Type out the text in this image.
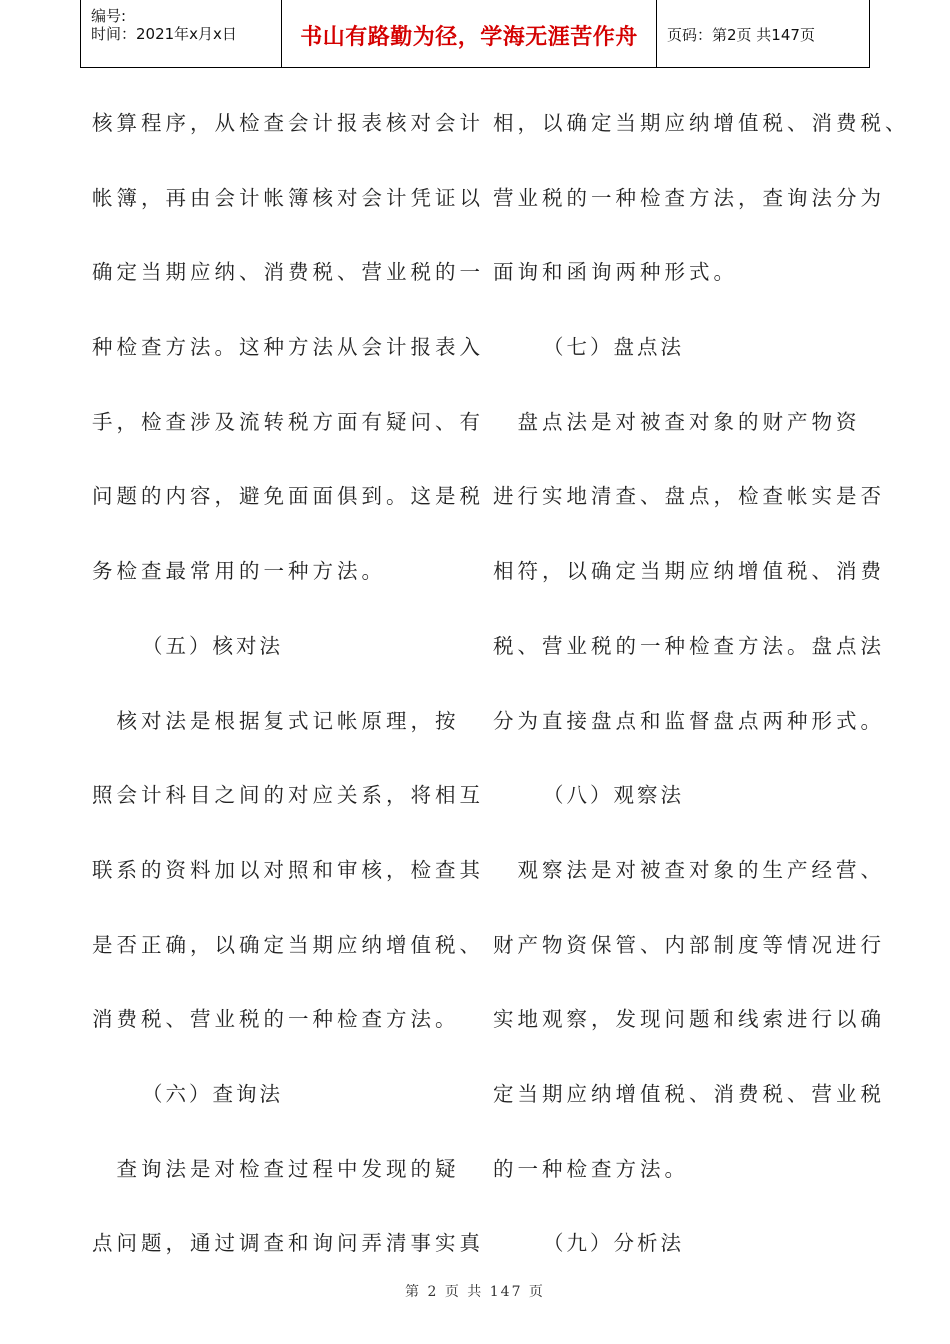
编号:
时间：2021年x月x日	书山有路勤为径，学海无涯苦作舟	页码：第2页 共147页

核算程序，从检查会计报表核对会计

帐簿，再由会计帐簿核对会计凭证以

确定当期应纳、消费税、营业税的一

种检查方法。这种方法从会计报表入

手，检查涉及流转税方面有疑问、有

问题的内容，避免面面俱到。这是税

务检查最常用的一种方法。

（五）核对法

　核对法是根据复式记帐原理，按

照会计科目之间的对应关系，将相互

联系的资料加以对照和审核，检查其

是否正确，以确定当期应纳增值税、

消费税、营业税的一种检查方法。

（六）查询法

　查询法是对检查过程中发现的疑

点问题，通过调查和询问弄清事实真

相，以确定当期应纳增值税、消费税、

营业税的一种检查方法，查询法分为

面询和函询两种形式。

（七）盘点法

　盘点法是对被查对象的财产物资

进行实地清查、盘点，检查帐实是否

相符，以确定当期应纳增值税、消费

税、营业税的一种检查方法。盘点法

分为直接盘点和监督盘点两种形式。

（八）观察法

　观察法是对被查对象的生产经营、

财产物资保管、内部制度等情况进行

实地观察，发现问题和线索进行以确

定当期应纳增值税、消费税、营业税

的一种检查方法。

（九）分析法

第 2 页 共 147 页
